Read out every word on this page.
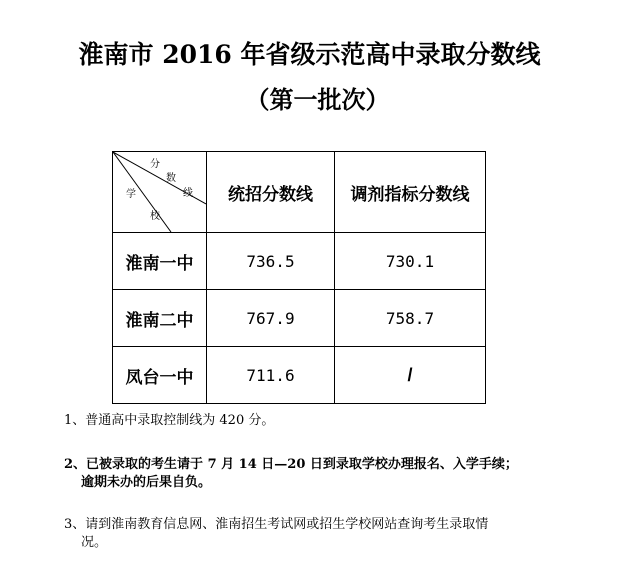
淮南市 2016 年省级示范高中录取分数线
（第一批次）
分
数
线
学
校	统招分数线	调剂指标分数线
淮南一中	736.5	730.1
淮南二中	767.9	758.7
凤台一中	711.6	/
1、普通高中录取控制线为 420 分。
2、已被录取的考生请于 7 月 14 日—20 日到录取学校办理报名、入学手续；
逾期未办的后果自负。
3、请到淮南教育信息网、淮南招生考试网或招生学校网站查询考生录取情
况。
